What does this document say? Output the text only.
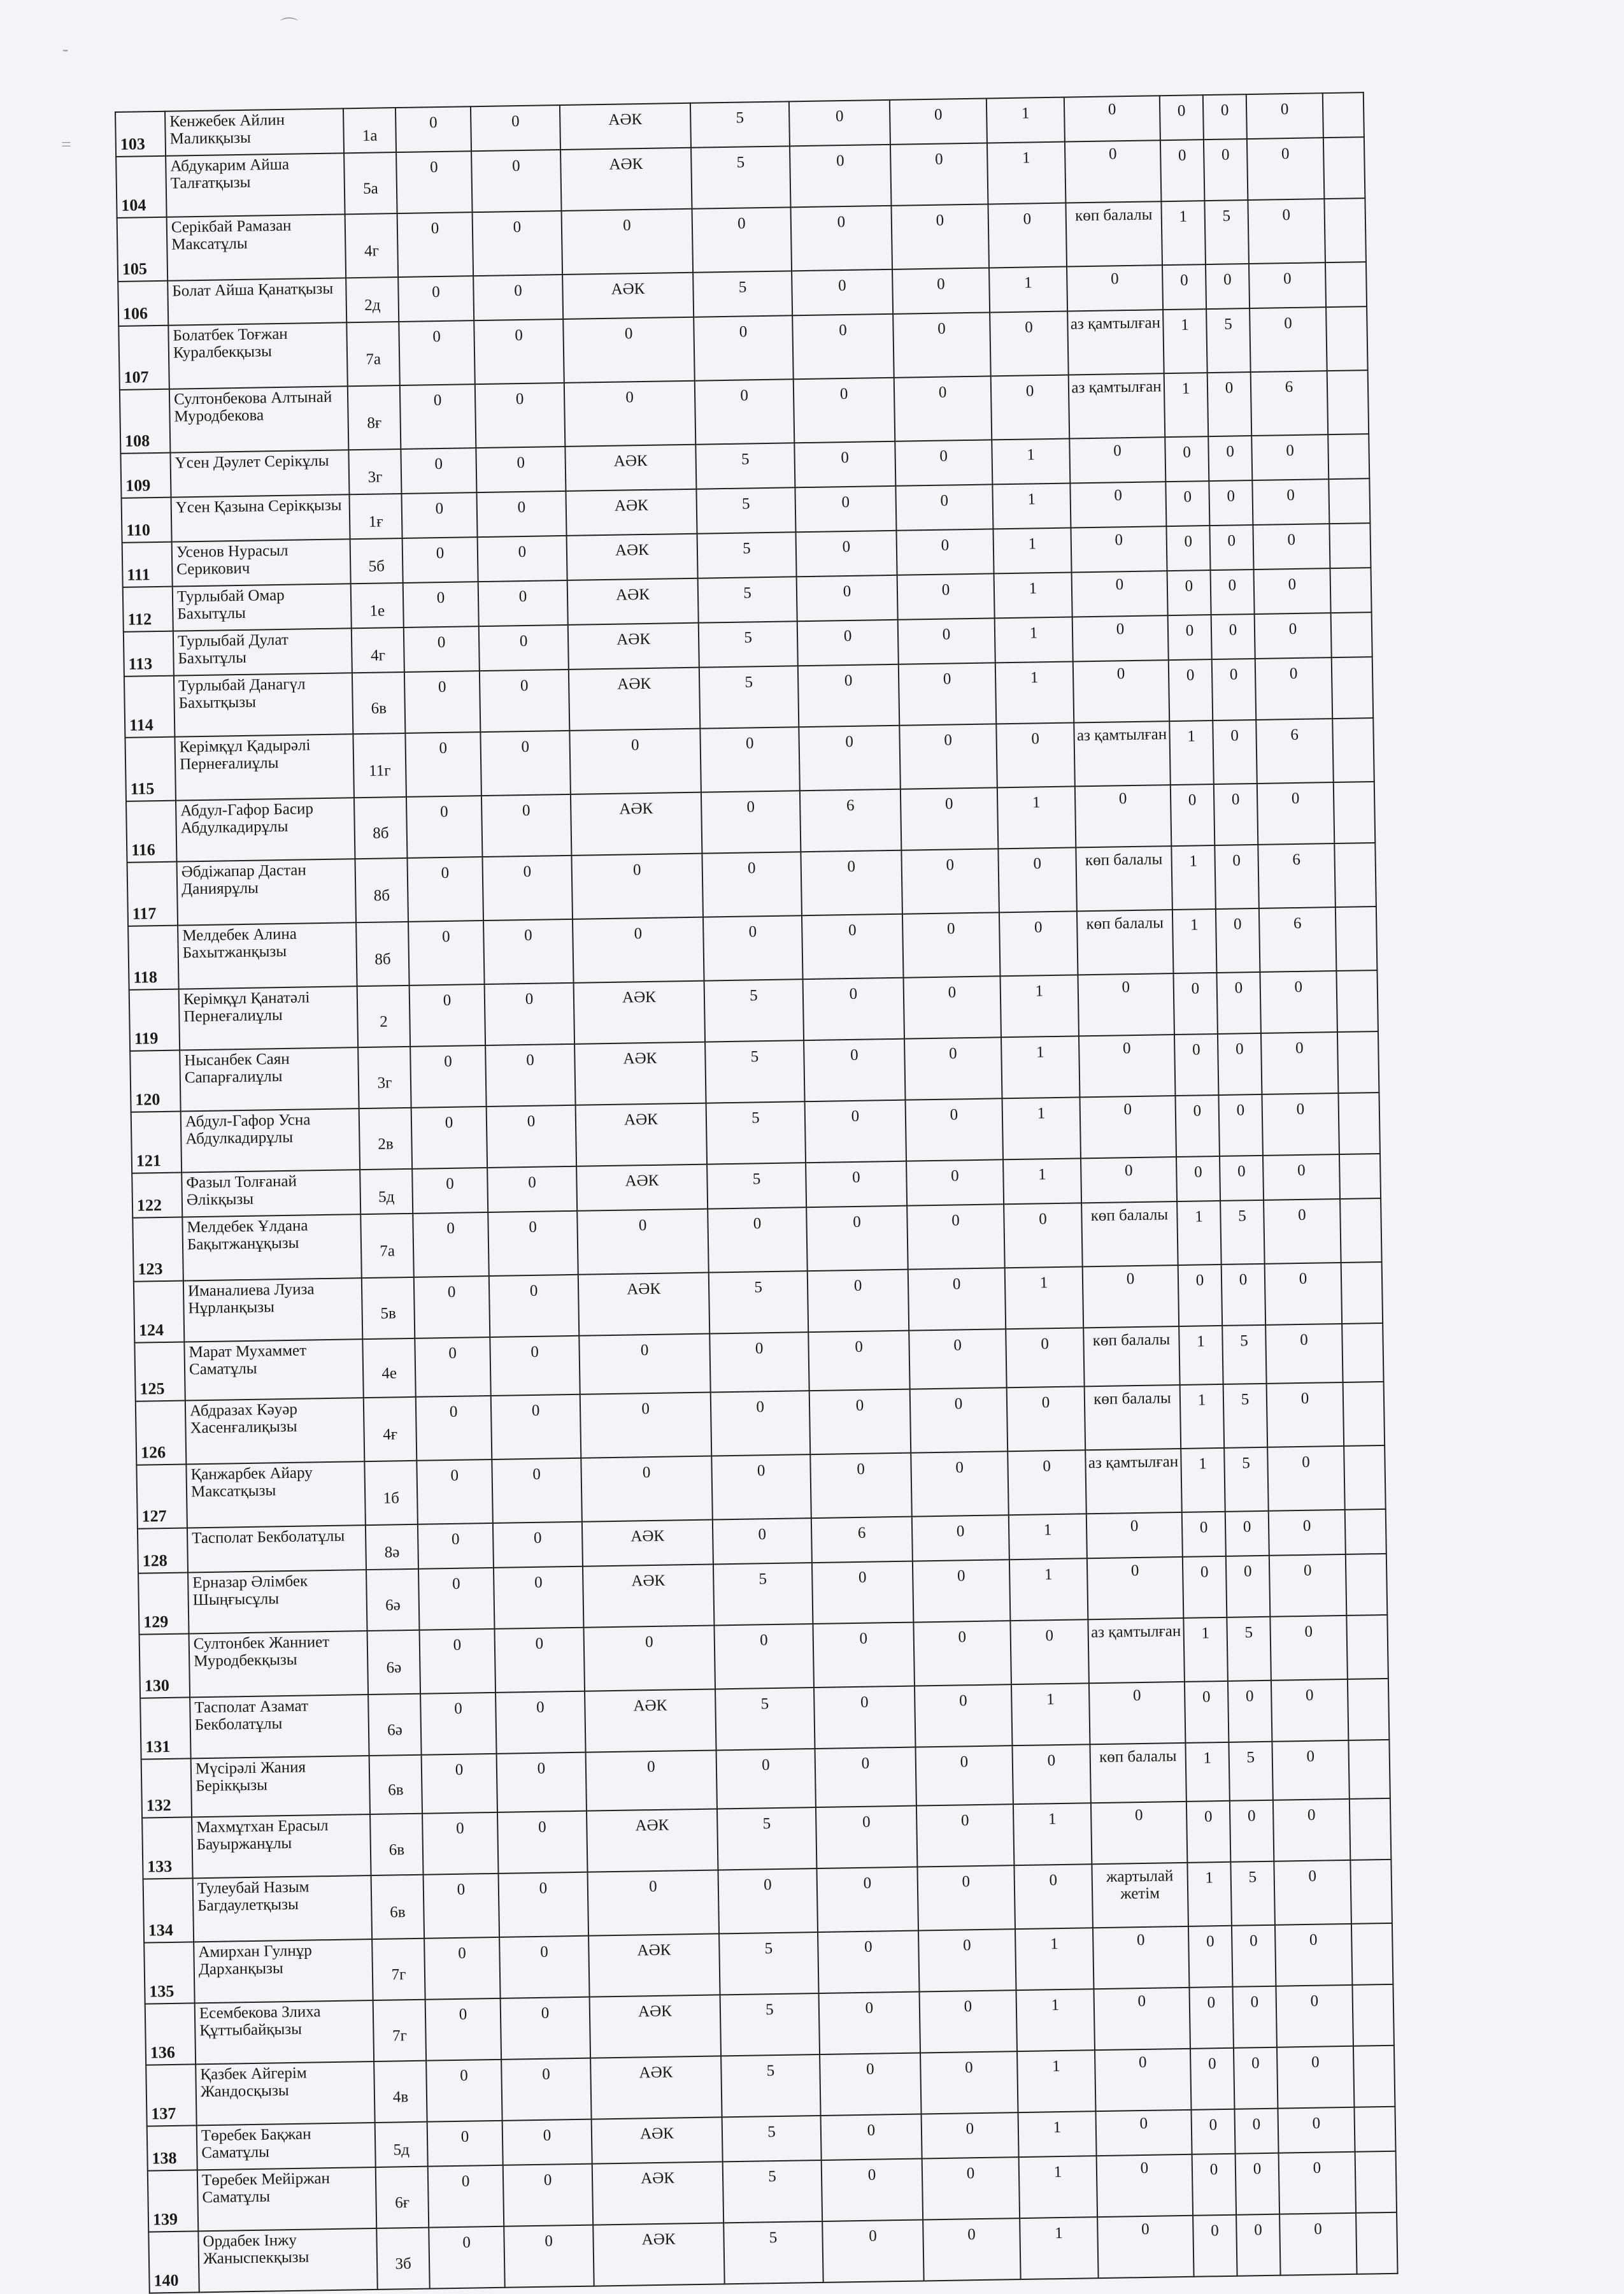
⌒
-
=	103	Кенжебек Айлин Маликқызы	1а	0	0	АӘК	5	0	0	1	0	0	0	0	
104	Абдукарим Айша Талғатқызы	5а	0	0	АӘК	5	0	0	1	0	0	0	0	
105	Серікбай Рамазан Максатұлы	4г	0	0	0	0	0	0	0	көп балалы	1	5	0	
106	Болат Айша Қанатқызы	2д	0	0	АӘК	5	0	0	1	0	0	0	0	
107	Болатбек Тоғжан Куралбекқызы	7а	0	0	0	0	0	0	0	аз қамтылған	1	5	0	
108	Султонбекова Алтынай Муродбекова	8ғ	0	0	0	0	0	0	0	аз қамтылған	1	0	6	
109	Үсен Дәулет Серікұлы	3г	0	0	АӘК	5	0	0	1	0	0	0	0	
110	Үсен Қазына Серікқызы	1ғ	0	0	АӘК	5	0	0	1	0	0	0	0	
111	Усенов Нурасыл Серикович	5б	0	0	АӘК	5	0	0	1	0	0	0	0	
112	Турлыбай Омар Бахытұлы	1е	0	0	АӘК	5	0	0	1	0	0	0	0	
113	Турлыбай Дулат Бахытұлы	4г	0	0	АӘК	5	0	0	1	0	0	0	0	
114	Турлыбай Данагүл Бахытқызы	6в	0	0	АӘК	5	0	0	1	0	0	0	0	
115	Керімқұл Қадырәлі Пернеғалиұлы	11г	0	0	0	0	0	0	0	аз қамтылған	1	0	6	
116	Абдул-Гафор Басир Абдулкадирұлы	8б	0	0	АӘК	0	6	0	1	0	0	0	0	
117	Әбдіжапар Дастан Даниярұлы	8б	0	0	0	0	0	0	0	көп балалы	1	0	6	
118	Мелдебек Алина Бахытжанқызы	8б	0	0	0	0	0	0	0	көп балалы	1	0	6	
119	Керімқұл Қанатәлі Пернеғалиұлы	2	0	0	АӘК	5	0	0	1	0	0	0	0	
120	Нысанбек Саян Сапарғалиұлы	3г	0	0	АӘК	5	0	0	1	0	0	0	0	
121	Абдул-Гафор Усна Абдулкадирұлы	2в	0	0	АӘК	5	0	0	1	0	0	0	0	
122	Фазыл Толғанай Әлікқызы	5д	0	0	АӘК	5	0	0	1	0	0	0	0	
123	Мелдебек Ұлдана Бақытжанұқызы	7а	0	0	0	0	0	0	0	көп балалы	1	5	0	
124	Иманалиева Луиза Нұрланқызы	5в	0	0	АӘК	5	0	0	1	0	0	0	0	
125	Марат Мухаммет Саматұлы	4е	0	0	0	0	0	0	0	көп балалы	1	5	0	
126	Абдразах Кәуәр Хасенғалиқызы	4ғ	0	0	0	0	0	0	0	көп балалы	1	5	0	
127	Қанжарбек Айару Максатқызы	1б	0	0	0	0	0	0	0	аз қамтылған	1	5	0	
128	Тасполат Бекболатұлы	8ә	0	0	АӘК	0	6	0	1	0	0	0	0	
129	Ерназар Әлімбек Шыңғысұлы	6ә	0	0	АӘК	5	0	0	1	0	0	0	0	
130	Султонбек Жанниет Муродбекқызы	6ә	0	0	0	0	0	0	0	аз қамтылған	1	5	0	
131	Тасполат Азамат Бекболатұлы	6ә	0	0	АӘК	5	0	0	1	0	0	0	0	
132	Мүсірәлі Жания Берікқызы	6в	0	0	0	0	0	0	0	көп балалы	1	5	0	
133	Махмұтхан Ерасыл Бауыржанұлы	6в	0	0	АӘК	5	0	0	1	0	0	0	0	
134	Тулеубай Назым Багдаулетқызы	6в	0	0	0	0	0	0	0	жартылай жетім	1	5	0	
135	Амирхан Гулнұр Дарханқызы	7г	0	0	АӘК	5	0	0	1	0	0	0	0	
136	Есембекова Злиха Құттыбайқызы	7г	0	0	АӘК	5	0	0	1	0	0	0	0	
137	Қазбек Айгерім Жандосқызы	4в	0	0	АӘК	5	0	0	1	0	0	0	0	
138	Төребек Бақжан Саматұлы	5д	0	0	АӘК	5	0	0	1	0	0	0	0	
139	Төребек Мейіржан Саматұлы	6ғ	0	0	АӘК	5	0	0	1	0	0	0	0	
140	Ордабек Інжу Жаныспекқызы	3б	0	0	АӘК	5	0	0	1	0	0	0	0	
